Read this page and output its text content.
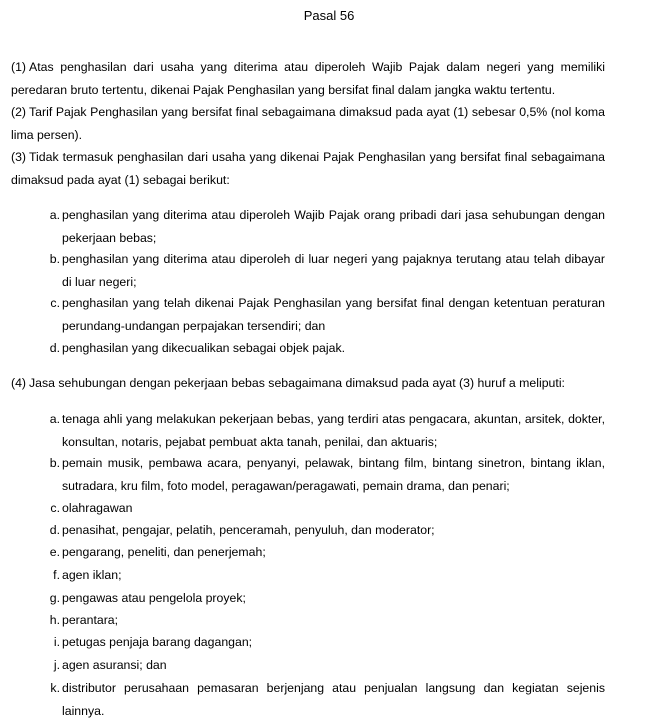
Pasal 56
(1) Atas penghasilan dari usaha yang diterima atau diperoleh Wajib Pajak dalam negeri yang memiliki peredaran bruto tertentu, dikenai Pajak Penghasilan yang bersifat final dalam jangka waktu tertentu.
(2) Tarif Pajak Penghasilan yang bersifat final sebagaimana dimaksud pada ayat (1) sebesar 0,5% (nol koma lima persen).
(3) Tidak termasuk penghasilan dari usaha yang dikenai Pajak Penghasilan yang bersifat final sebagaimana dimaksud pada ayat (1) sebagai berikut:
a. penghasilan yang diterima atau diperoleh Wajib Pajak orang pribadi dari jasa sehubungan dengan pekerjaan bebas;
b. penghasilan yang diterima atau diperoleh di luar negeri yang pajaknya terutang atau telah dibayar di luar negeri;
c. penghasilan yang telah dikenai Pajak Penghasilan yang bersifat final dengan ketentuan peraturan perundang-undangan perpajakan tersendiri; dan
d. penghasilan yang dikecualikan sebagai objek pajak.
(4) Jasa sehubungan dengan pekerjaan bebas sebagaimana dimaksud pada ayat (3) huruf a meliputi:
a. tenaga ahli yang melakukan pekerjaan bebas, yang terdiri atas pengacara, akuntan, arsitek, dokter, konsultan, notaris, pejabat pembuat akta tanah, penilai, dan aktuaris;
b. pemain musik, pembawa acara, penyanyi, pelawak, bintang film, bintang sinetron, bintang iklan, sutradara, kru film, foto model, peragawan/peragawati, pemain drama, dan penari;
c. olahragawan
d. penasihat, pengajar, pelatih, penceramah, penyuluh, dan moderator;
e. pengarang, peneliti, dan penerjemah;
f. agen iklan;
g. pengawas atau pengelola proyek;
h. perantara;
i. petugas penjaja barang dagangan;
j. agen asuransi; dan
k. distributor perusahaan pemasaran berjenjang atau penjualan langsung dan kegiatan sejenis lainnya.
